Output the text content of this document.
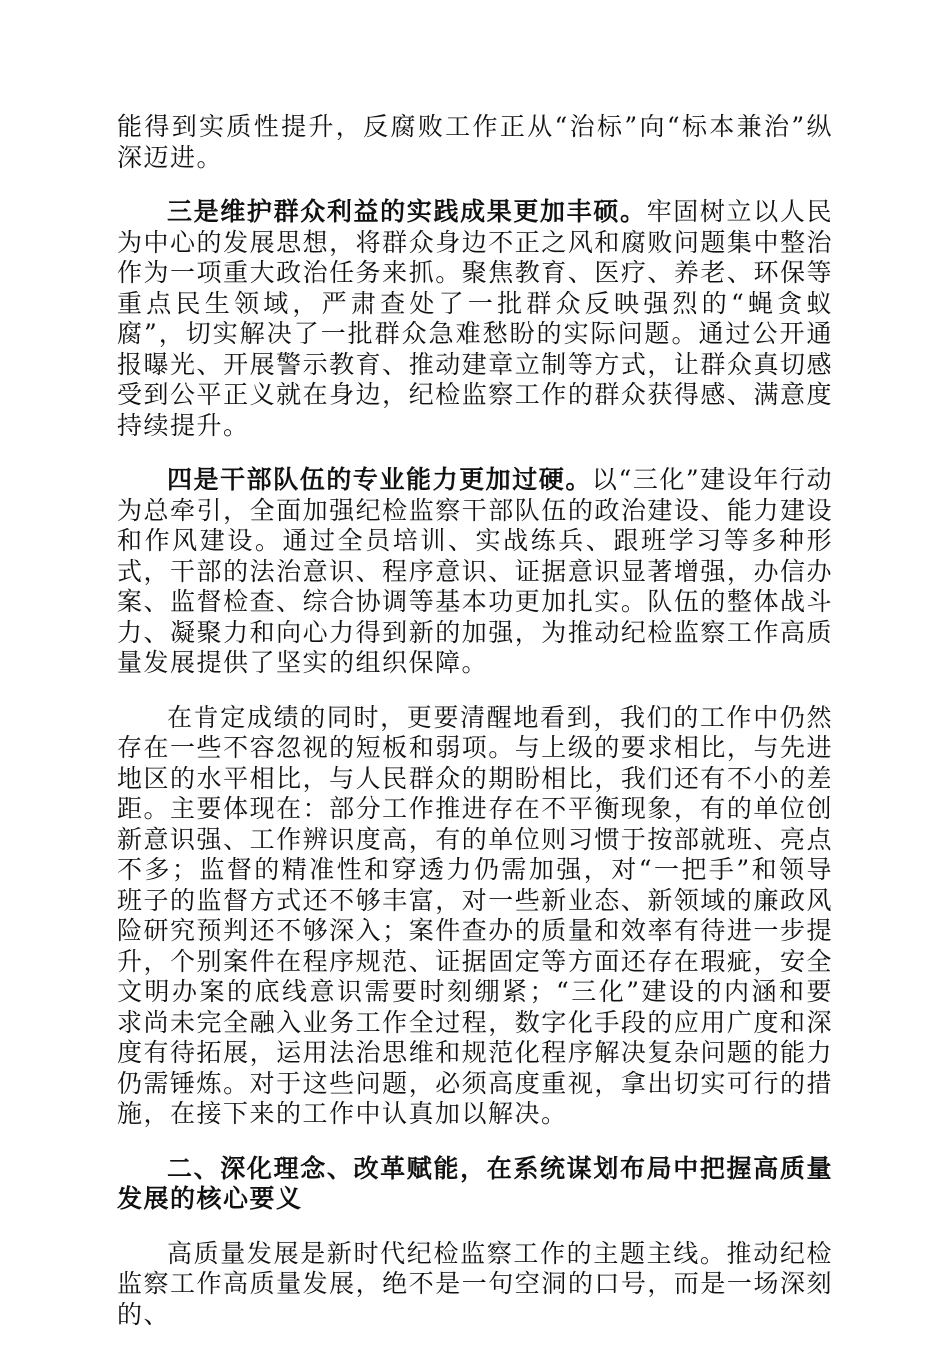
能得到实质性提升，反腐败工作正从“治标”向“标本兼治”纵深迈进。

三是维护群众利益的实践成果更加丰硕。牢固树立以人民为中心的发展思想，将群众身边不正之风和腐败问题集中整治作为一项重大政治任务来抓。聚焦教育、医疗、养老、环保等重点民生领域，严肃查处了一批群众反映强烈的“蝇贪蚁腐”，切实解决了一批群众急难愁盼的实际问题。通过公开通报曝光、开展警示教育、推动建章立制等方式，让群众真切感受到公平正义就在身边，纪检监察工作的群众获得感、满意度持续提升。

四是干部队伍的专业能力更加过硬。以“三化”建设年行动为总牵引，全面加强纪检监察干部队伍的政治建设、能力建设和作风建设。通过全员培训、实战练兵、跟班学习等多种形式，干部的法治意识、程序意识、证据意识显著增强，办信办案、监督检查、综合协调等基本功更加扎实。队伍的整体战斗力、凝聚力和向心力得到新的加强，为推动纪检监察工作高质量发展提供了坚实的组织保障。

在肯定成绩的同时，更要清醒地看到，我们的工作中仍然存在一些不容忽视的短板和弱项。与上级的要求相比，与先进地区的水平相比，与人民群众的期盼相比，我们还有不小的差距。主要体现在：部分工作推进存在不平衡现象，有的单位创新意识强、工作辨识度高，有的单位则习惯于按部就班、亮点不多；监督的精准性和穿透力仍需加强，对“一把手”和领导班子的监督方式还不够丰富，对一些新业态、新领域的廉政风险研究预判还不够深入；案件查办的质量和效率有待进一步提升，个别案件在程序规范、证据固定等方面还存在瑕疵，安全文明办案的底线意识需要时刻绷紧；“三化”建设的内涵和要求尚未完全融入业务工作全过程，数字化手段的应用广度和深度有待拓展，运用法治思维和规范化程序解决复杂问题的能力仍需锤炼。对于这些问题，必须高度重视，拿出切实可行的措施，在接下来的工作中认真加以解决。

二、深化理念、改革赋能，在系统谋划布局中把握高质量发展的核心要义

高质量发展是新时代纪检监察工作的主题主线。推动纪检监察工作高质量发展，绝不是一句空洞的口号，而是一场深刻的、
